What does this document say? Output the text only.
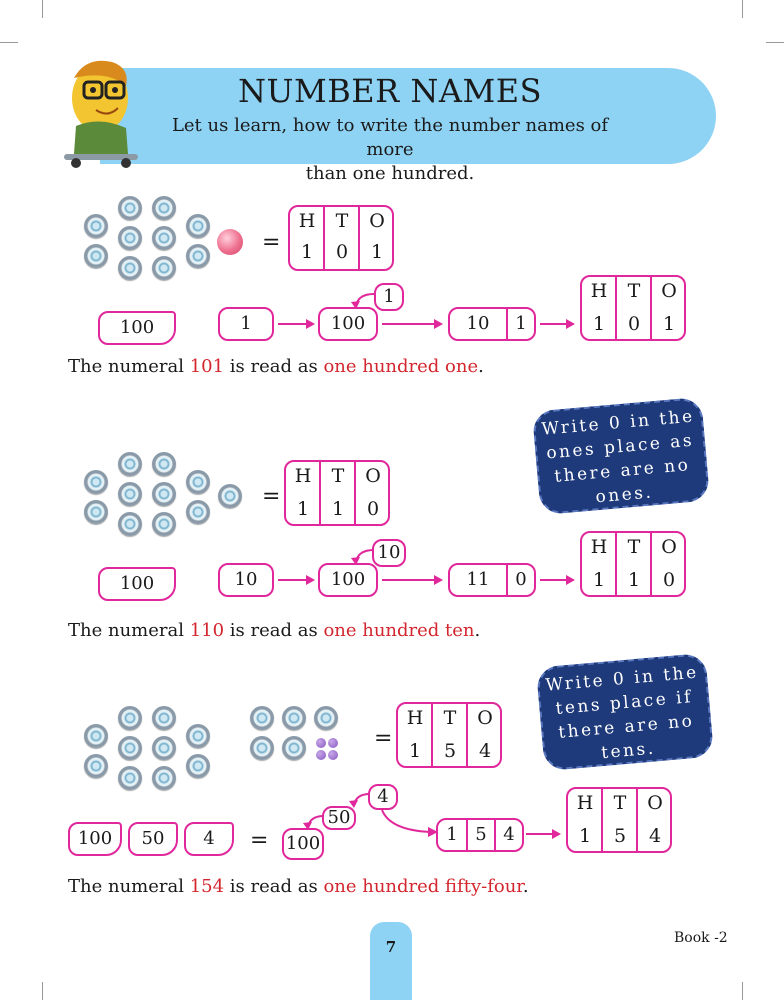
NUMBER NAMES
Let us learn, how to write the number names of more
than one hundred.
=
H	T	O
1	0	1
100	1	100
1
10	1
H	T	O
1	0	1
The numeral 101 is read as one hundred one.
Write 0 in the
ones place as
there are no
ones.
=
H	T	O
1	1	0
100	10	100
10
11	0
H	T	O
1	1	0
The numeral 110 is read as one hundred ten.
Write 0 in the
tens place if
there are no
tens.
=
H	T	O
1	5	4
100	50	4	= 100
50
4
1 5 4
H	T	O
1	5	4
The numeral 154 is read as one hundred fifty-four.
7	Book -2
